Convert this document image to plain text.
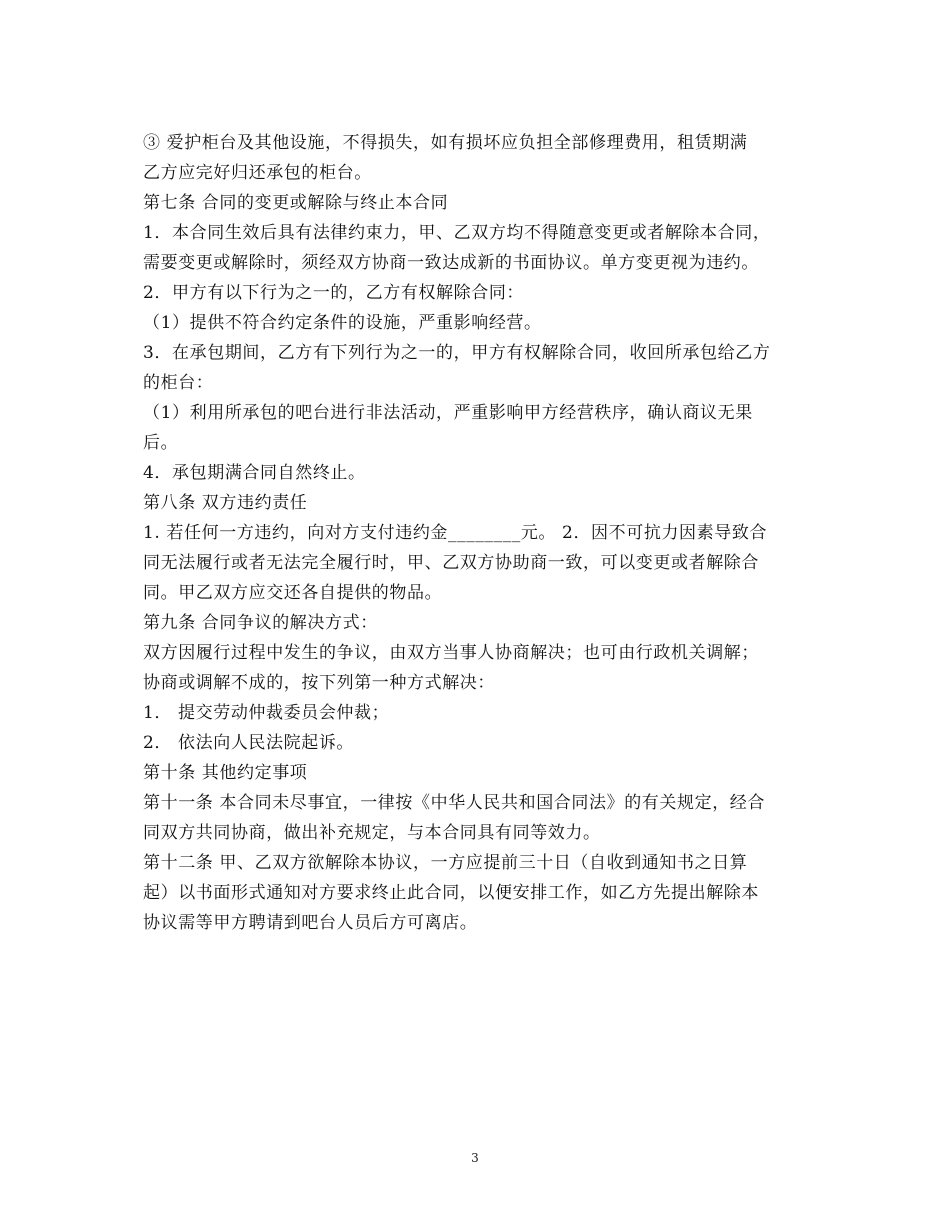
③ 爱护柜台及其他设施，不得损失，如有损坏应负担全部修理费用，租赁期满
乙方应完好归还承包的柜台。
第七条 合同的变更或解除与终止本合同
1．本合同生效后具有法律约束力，甲、乙双方均不得随意变更或者解除本合同，
需要变更或解除时，须经双方协商一致达成新的书面协议。单方变更视为违约。
2．甲方有以下行为之一的，乙方有权解除合同：
（1）提供不符合约定条件的设施，严重影响经营。
3．在承包期间，乙方有下列行为之一的，甲方有权解除合同，收回所承包给乙方
的柜台：
（1）利用所承包的吧台进行非法活动，严重影响甲方经营秩序，确认商议无果
后。
4．承包期满合同自然终止。
第八条 双方违约责任
1. 若任何一方违约，向对方支付违约金________元。 2．因不可抗力因素导致合
同无法履行或者无法完全履行时，甲、乙双方协助商一致，可以变更或者解除合
同。甲乙双方应交还各自提供的物品。
第九条 合同争议的解决方式：
双方因履行过程中发生的争议，由双方当事人协商解决；也可由行政机关调解；
协商或调解不成的，按下列第一种方式解决：
1． 提交劳动仲裁委员会仲裁；
2． 依法向人民法院起诉。
第十条 其他约定事项
第十一条 本合同未尽事宜，一律按《中华人民共和国合同法》的有关规定，经合
同双方共同协商，做出补充规定，与本合同具有同等效力。
第十二条 甲、乙双方欲解除本协议，一方应提前三十日（自收到通知书之日算
起）以书面形式通知对方要求终止此合同，以便安排工作，如乙方先提出解除本
协议需等甲方聘请到吧台人员后方可离店。
3
